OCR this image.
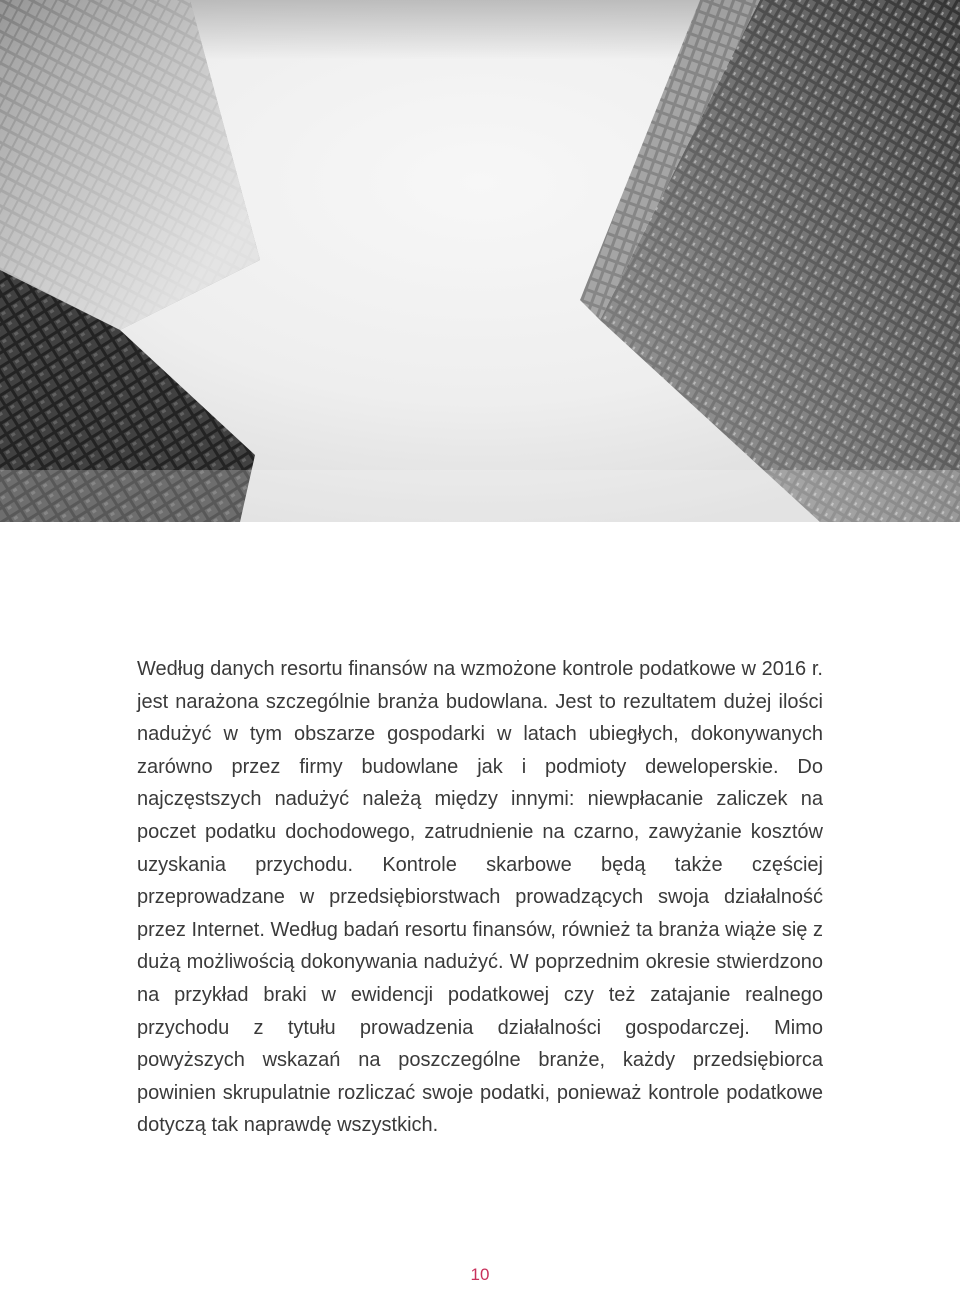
Według danych resortu finansów na wzmożone kontrole podatkowe w 2016 r. jest narażona szczególnie branża budowlana. Jest to rezultatem dużej ilości nadużyć w tym obszarze gospodarki w latach ubiegłych, dokonywanych zarówno przez firmy budowlane jak i podmioty deweloperskie. Do najczęstszych nadużyć należą między innymi: niewpłacanie zaliczek na poczet podatku dochodowego, zatrudnienie na czarno, zawyżanie kosztów uzyskania przychodu. Kontrole skarbowe będą także częściej przeprowadzane w przedsiębiorstwach prowadzących swoja działalność przez Internet. Według badań resortu finansów, również ta branża wiąże się z dużą możliwością dokonywania nadużyć. W poprzednim okresie stwierdzono na przykład braki w ewidencji podatkowej czy też zatajanie realnego przychodu z tytułu prowadzenia działalności gospodarczej. Mimo powyższych wskazań na poszczególne branże, każdy przedsiębiorca powinien skrupulatnie rozliczać swoje podatki, ponieważ kontrole podatkowe dotyczą tak naprawdę wszystkich.

10
